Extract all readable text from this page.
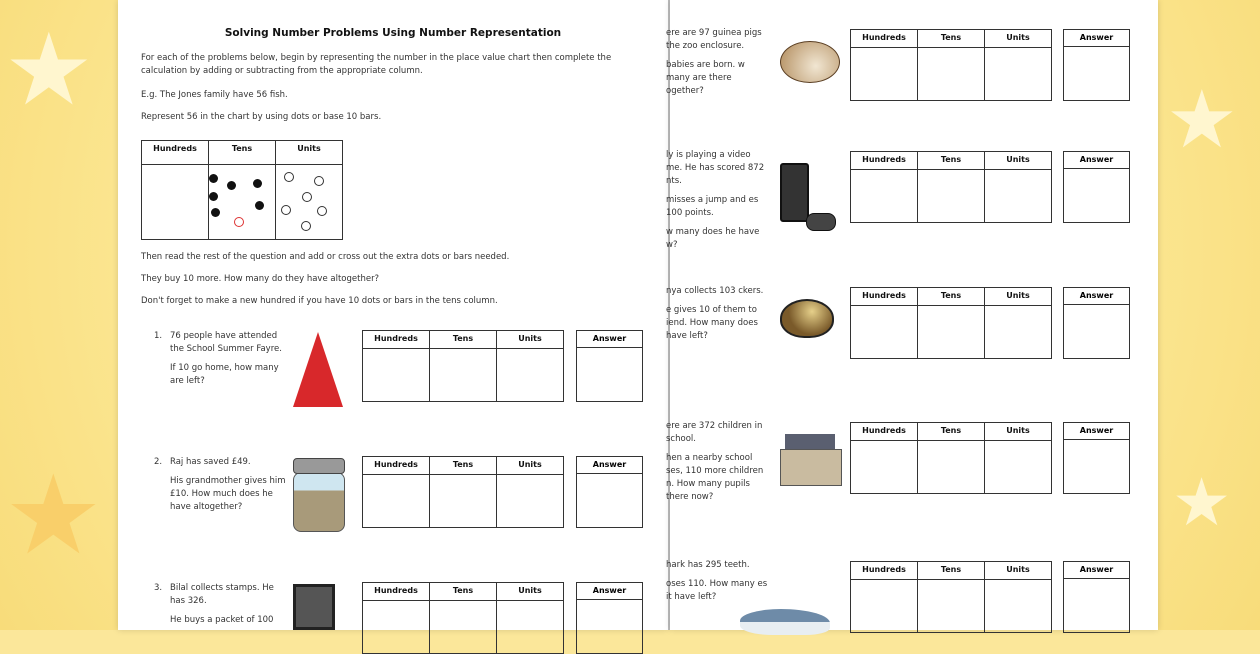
★
★
★
★
Solving Number Problems Using Number Representation
For each of the problems below, begin by representing the number in the place value chart then complete the calculation by adding or subtracting from the appropriate column.
E.g. The Jones family have 56 fish.
Represent 56 in the chart by using dots or base 10 bars.
Hundreds	Tens	Units
Then read the rest of the question and add or cross out the extra dots or bars needed.
They buy 10 more. How many do they have altogether?
Don't forget to make a new hundred if you have 10 dots or bars in the tens column.
1. 76 people have attended the School Summer Fayre.
If 10 go home, how many are left?
Hundreds	Tens	Units	Answer
2. Raj has saved £49.
His grandmother gives him £10. How much does he have altogether?
Hundreds	Tens	Units	Answer
3. Bilal collects stamps. He has 326.
He buys a packet of 100
Hundreds	Tens	Units	Answer
ere are 97 guinea pigs the zoo enclosure.
babies are born. w many are there ogether?
Hundreds	Tens	Units	Answer
ly is playing a video me. He has scored 872 nts.
misses a jump and es 100 points.
w many does he have w?
Hundreds	Tens	Units	Answer
nya collects 103 ckers.
e gives 10 of them to iend. How many does have left?
Hundreds	Tens	Units	Answer
ere are 372 children in school.
hen a nearby school ses, 110 more children n. How many pupils there now?
Hundreds	Tens	Units	Answer
hark has 295 teeth.
oses 110. How many es it have left?
Hundreds	Tens	Units	Answer
